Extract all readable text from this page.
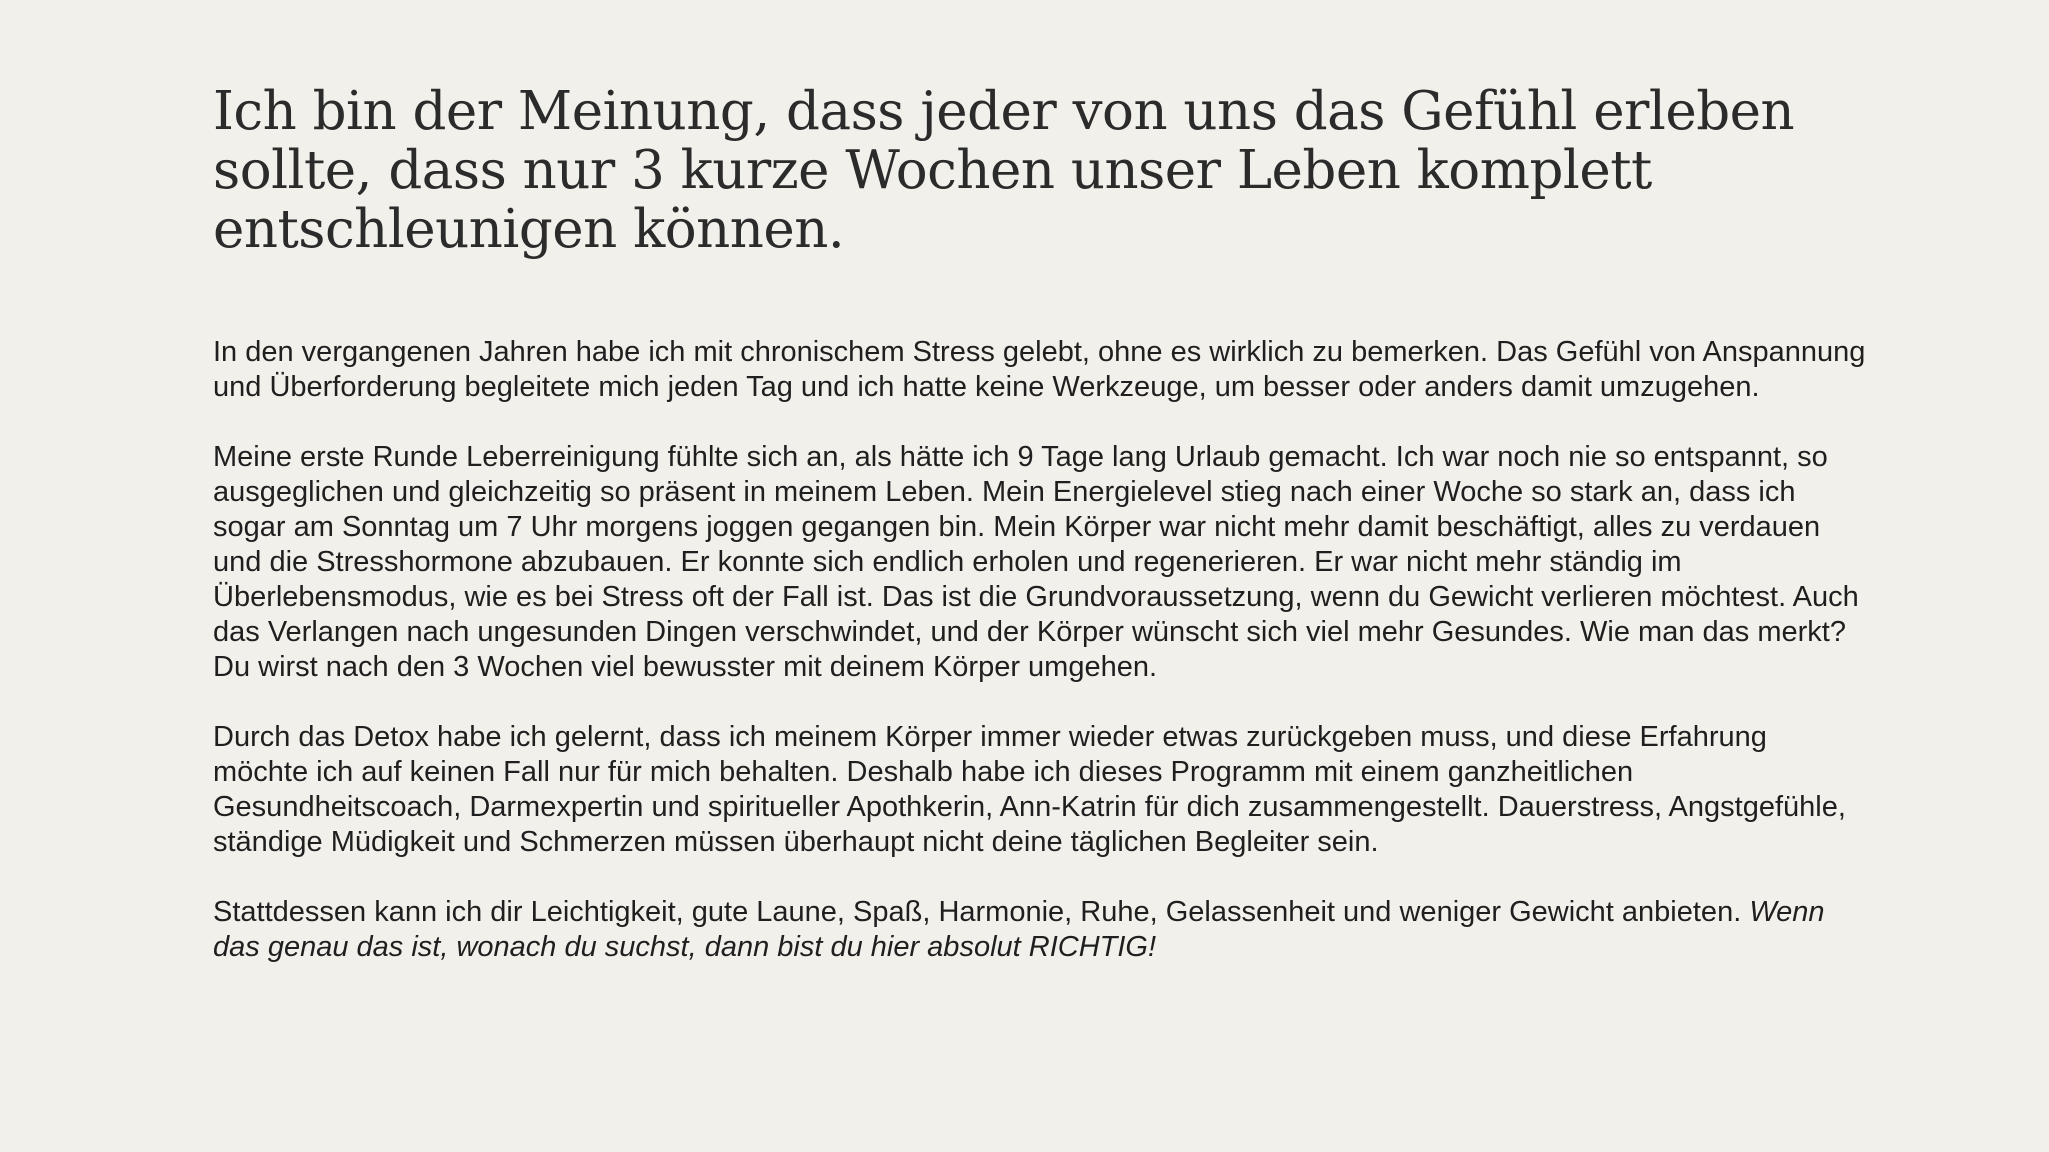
Ich bin der Meinung, dass jeder von uns das Gefühl erleben sollte, dass nur 3 kurze Wochen unser Leben komplett entschleunigen können.

In den vergangenen Jahren habe ich mit chronischem Stress gelebt, ohne es wirklich zu bemerken. Das Gefühl von Anspannung und Überforderung begleitete mich jeden Tag und ich hatte keine Werkzeuge, um besser oder anders damit umzugehen.

Meine erste Runde Leberreinigung fühlte sich an, als hätte ich 9 Tage lang Urlaub gemacht. Ich war noch nie so entspannt, so ausgeglichen und gleichzeitig so präsent in meinem Leben. Mein Energielevel stieg nach einer Woche so stark an, dass ich sogar am Sonntag um 7 Uhr morgens joggen gegangen bin. Mein Körper war nicht mehr damit beschäftigt, alles zu verdauen und die Stresshormone abzubauen. Er konnte sich endlich erholen und regenerieren. Er war nicht mehr ständig im Überlebensmodus, wie es bei Stress oft der Fall ist. Das ist die Grundvoraussetzung, wenn du Gewicht verlieren möchtest. Auch das Verlangen nach ungesunden Dingen verschwindet, und der Körper wünscht sich viel mehr Gesundes. Wie man das merkt? Du wirst nach den 3 Wochen viel bewusster mit deinem Körper umgehen.

Durch das Detox habe ich gelernt, dass ich meinem Körper immer wieder etwas zurückgeben muss, und diese Erfahrung möchte ich auf keinen Fall nur für mich behalten. Deshalb habe ich dieses Programm mit einem ganzheitlichen Gesundheitscoach, Darmexpertin und spiritueller Apothkerin, Ann-Katrin für dich zusammengestellt. Dauerstress, Angstgefühle, ständige Müdigkeit und Schmerzen müssen überhaupt nicht deine täglichen Begleiter sein.

Stattdessen kann ich dir Leichtigkeit, gute Laune, Spaß, Harmonie, Ruhe, Gelassenheit und weniger Gewicht anbieten. Wenn das genau das ist, wonach du suchst, dann bist du hier absolut RICHTIG!
